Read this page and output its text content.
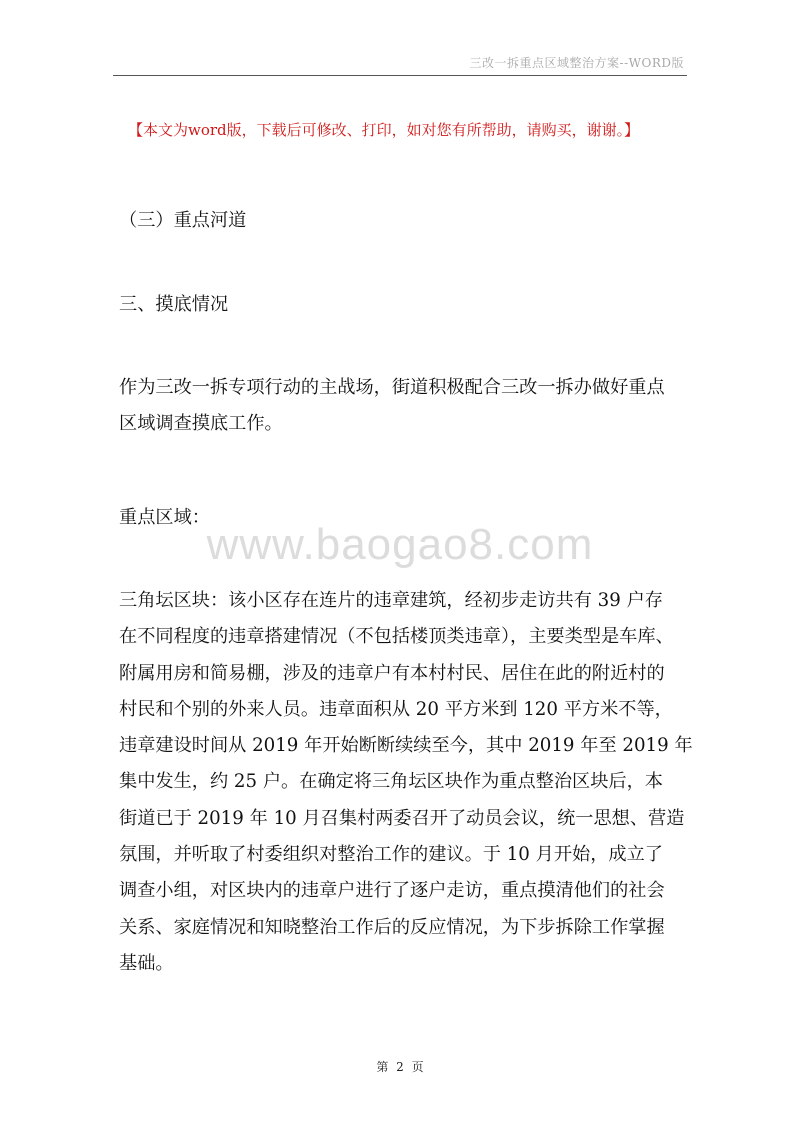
三改一拆重点区域整治方案--WORD版
【本文为word版，下载后可修改、打印，如对您有所帮助，请购买，谢谢。】

（三）重点河道

三、摸底情况

作为三改一拆专项行动的主战场，街道积极配合三改一拆办做好重点
区域调查摸底工作。

重点区域：

www.baogao8.com

三角坛区块：该小区存在连片的违章建筑，经初步走访共有 39 户存
在不同程度的违章搭建情况（不包括楼顶类违章），主要类型是车库、
附属用房和简易棚，涉及的违章户有本村村民、居住在此的附近村的
村民和个别的外来人员。违章面积从 20 平方米到 120 平方米不等，
违章建设时间从 2019 年开始断断续续至今，其中 2019 年至 2019 年
集中发生，约 25 户。在确定将三角坛区块作为重点整治区块后，本
街道已于 2019 年 10 月召集村两委召开了动员会议，统一思想、营造
氛围，并听取了村委组织对整治工作的建议。于 10 月开始，成立了
调查小组，对区块内的违章户进行了逐户走访，重点摸清他们的社会
关系、家庭情况和知晓整治工作后的反应情况，为下步拆除工作掌握
基础。

第 2 页
